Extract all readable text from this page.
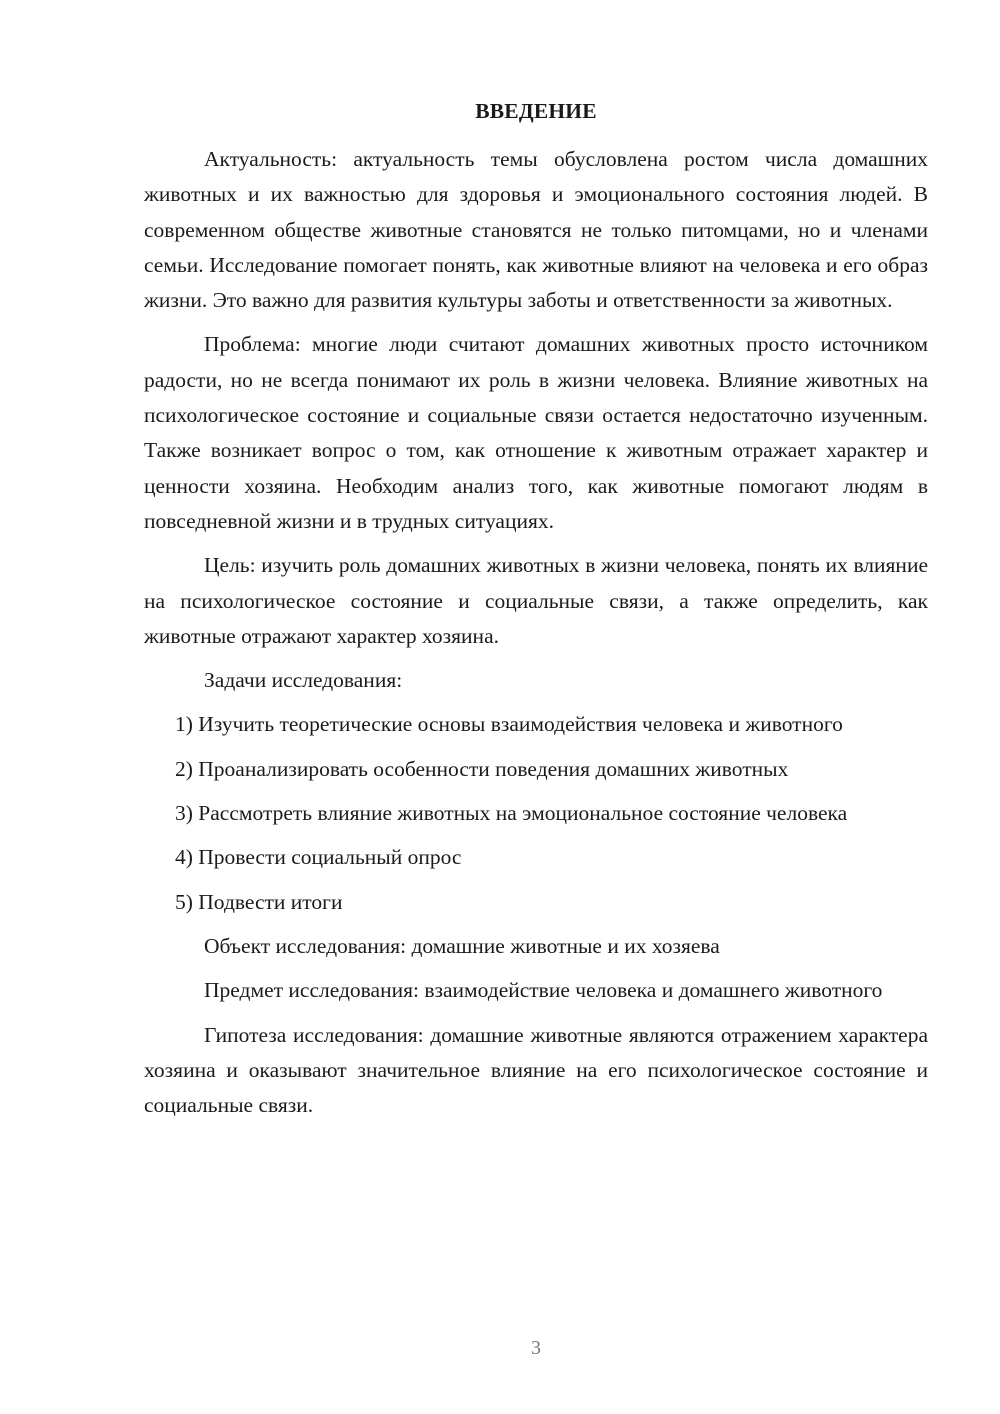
ВВЕДЕНИЕ

Актуальность: актуальность темы обусловлена ростом числа домашних животных и их важностью для здоровья и эмоционального состояния людей. В современном обществе животные становятся не только питомцами, но и членами семьи. Исследование помогает понять, как животные влияют на человека и его образ жизни. Это важно для развития культуры заботы и ответственности за животных.

Проблема: многие люди считают домашних животных просто источником радости, но не всегда понимают их роль в жизни человека. Влияние животных на психологическое состояние и социальные связи остается недостаточно изученным. Также возникает вопрос о том, как отношение к животным отражает характер и ценности хозяина. Необходим анализ того, как животные помогают людям в повседневной жизни и в трудных ситуациях.

Цель: изучить роль домашних животных в жизни человека, понять их влияние на психологическое состояние и социальные связи, а также определить, как животные отражают характер хозяина.

Задачи исследования:

1) Изучить теоретические основы взаимодействия человека и животного

2) Проанализировать особенности поведения домашних животных

3) Рассмотреть влияние животных на эмоциональное состояние человека

4) Провести социальный опрос

5) Подвести итоги

Объект исследования: домашние животные и их хозяева

Предмет исследования: взаимодействие человека и домашнего животного

Гипотеза исследования: домашние животные являются отражением характера хозяина и оказывают значительное влияние на его психологическое состояние и социальные связи.

3
